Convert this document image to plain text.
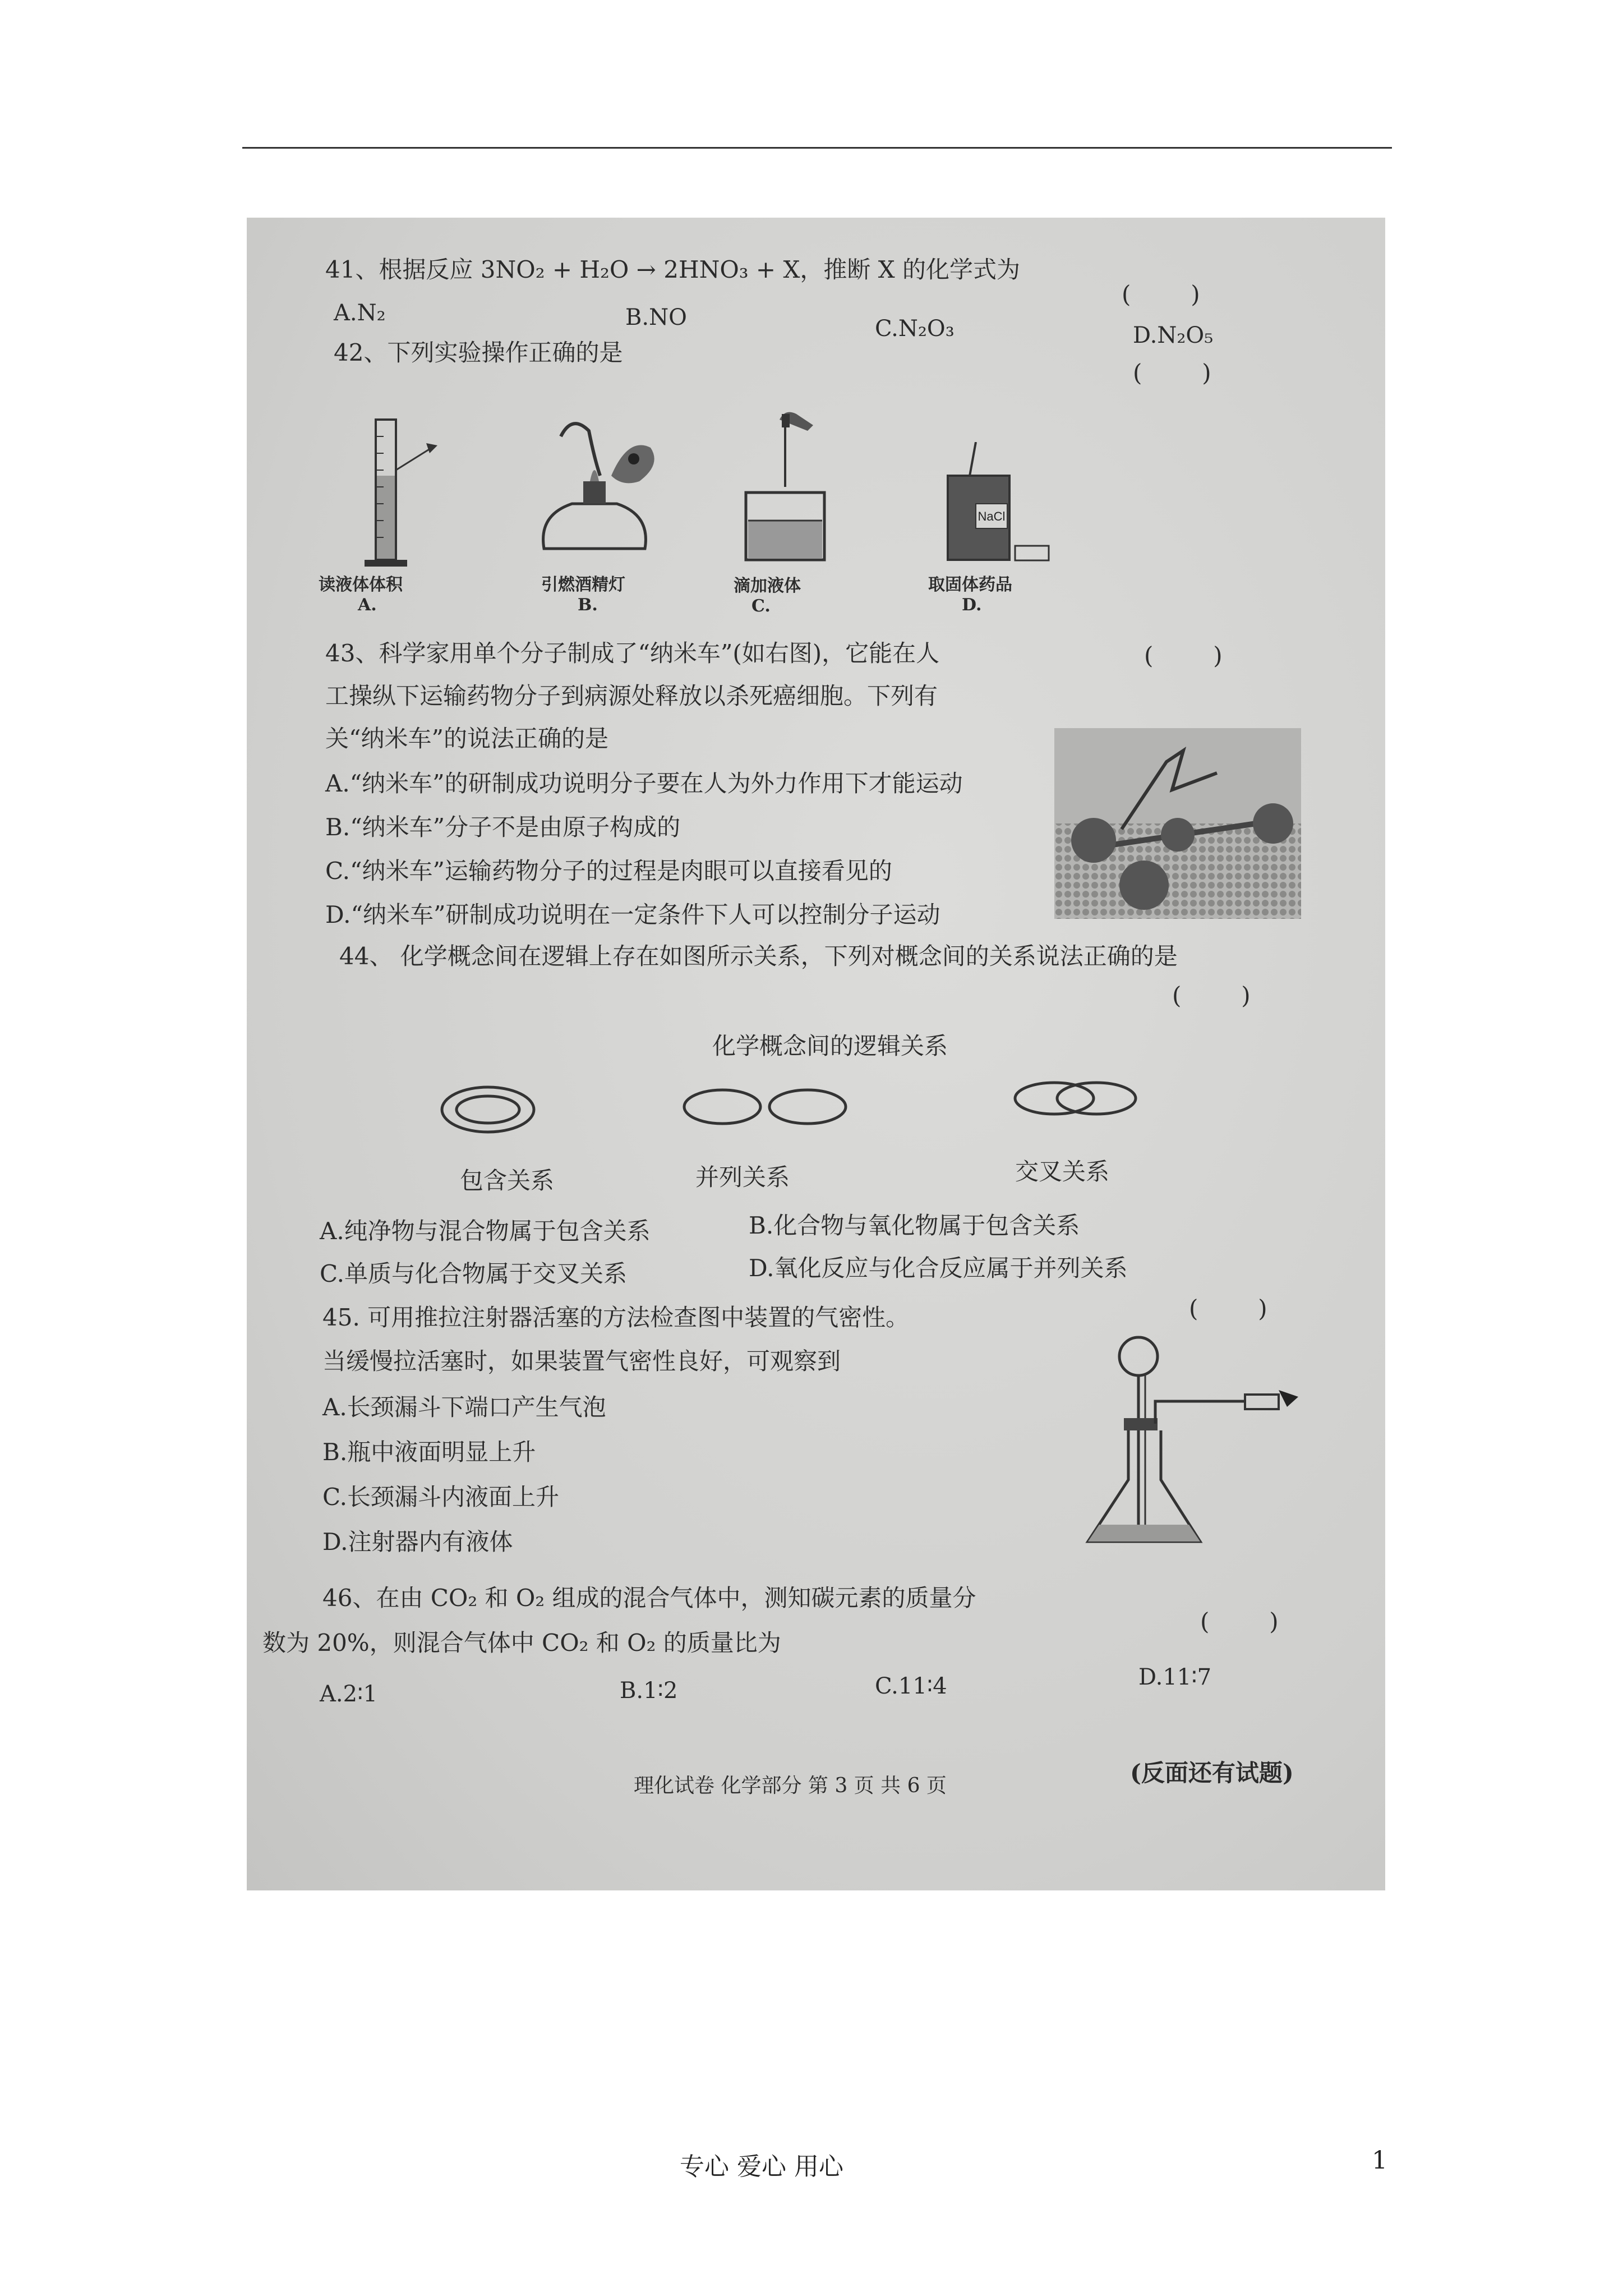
41、根据反应 3NO₂ + H₂O → 2HNO₃ + X，推断 X 的化学式为
(        )
A.N₂	B.NO	C.N₂O₃	D.N₂O₅
42、下列实验操作正确的是
(        )
读液体体积
A.
引燃酒精灯
B.
滴加液体
C.
NaCl
取固体药品
D.
43、科学家用单个分子制成了“纳米车”(如右图)，它能在人
工操纵下运输药物分子到病源处释放以杀死癌细胞。下列有
关“纳米车”的说法正确的是
(        )
A.“纳米车”的研制成功说明分子要在人为外力作用下才能运动
B.“纳米车”分子不是由原子构成的
C.“纳米车”运输药物分子的过程是肉眼可以直接看见的
D.“纳米车”研制成功说明在一定条件下人可以控制分子运动
44、 化学概念间在逻辑上存在如图所示关系，下列对概念间的关系说法正确的是
(        )
化学概念间的逻辑关系
包含关系	并列关系	交叉关系
A.纯净物与混合物属于包含关系	B.化合物与氧化物属于包含关系
C.单质与化合物属于交叉关系	D.氧化反应与化合反应属于并列关系
45. 可用推拉注射器活塞的方法检查图中装置的气密性。
当缓慢拉活塞时，如果装置气密性良好，可观察到
(        )
A.长颈漏斗下端口产生气泡
B.瓶中液面明显上升
C.长颈漏斗内液面上升
D.注射器内有液体
46、在由 CO₂ 和 O₂ 组成的混合气体中，测知碳元素的质量分
数为 20%，则混合气体中 CO₂ 和 O₂ 的质量比为
(        )
A.2∶1	B.1∶2	C.11∶4	D.11∶7
理化试卷 化学部分 第 3 页 共 6 页	(反面还有试题)
专心 爱心 用心	1
